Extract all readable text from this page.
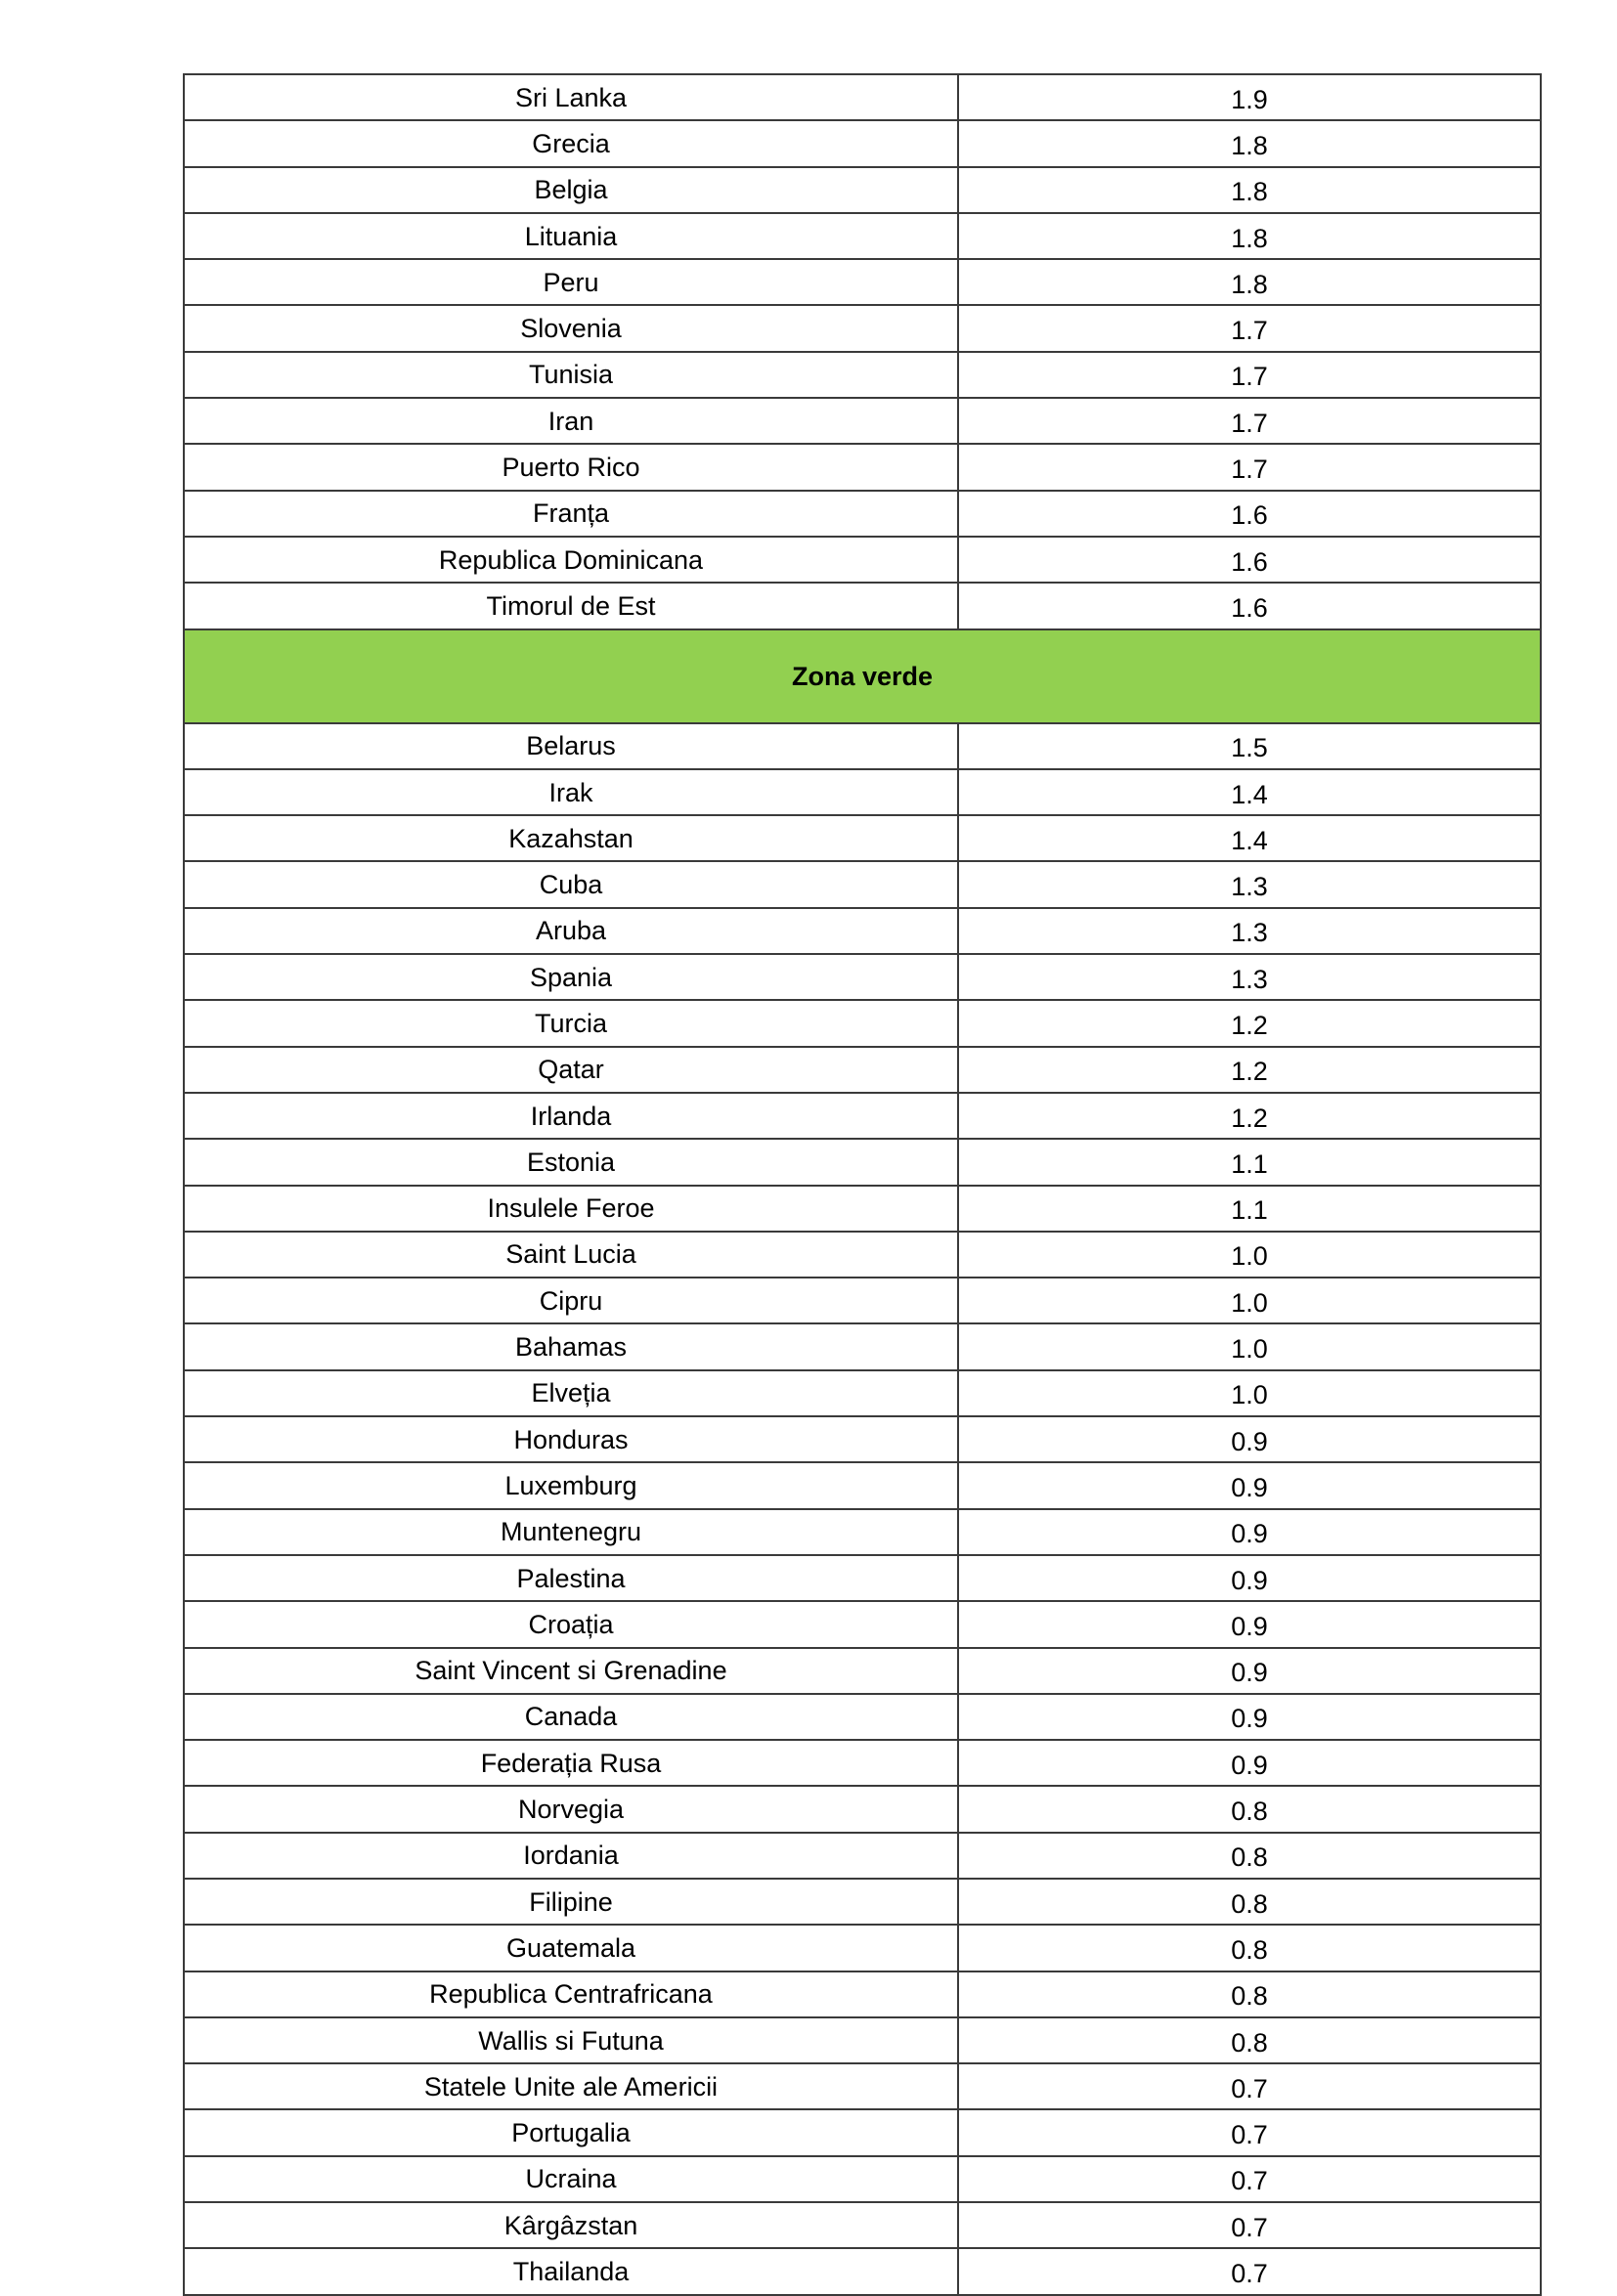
Sri Lanka	1.9
Grecia	1.8
Belgia	1.8
Lituania	1.8
Peru	1.8
Slovenia	1.7
Tunisia	1.7
Iran	1.7
Puerto Rico	1.7
Franța	1.6
Republica Dominicana	1.6
Timorul de Est	1.6
Zona verde	
Belarus	1.5
Irak	1.4
Kazahstan	1.4
Cuba	1.3
Aruba	1.3
Spania	1.3
Turcia	1.2
Qatar	1.2
Irlanda	1.2
Estonia	1.1
Insulele Feroe	1.1
Saint Lucia	1.0
Cipru	1.0
Bahamas	1.0
Elveția	1.0
Honduras	0.9
Luxemburg	0.9
Muntenegru	0.9
Palestina	0.9
Croația	0.9
Saint Vincent si Grenadine	0.9
Canada	0.9
Federația Rusa	0.9
Norvegia	0.8
Iordania	0.8
Filipine	0.8
Guatemala	0.8
Republica Centrafricana	0.8
Wallis si Futuna	0.8
Statele Unite ale Americii	0.7
Portugalia	0.7
Ucraina	0.7
Kârgâzstan	0.7
Thailanda	0.7
